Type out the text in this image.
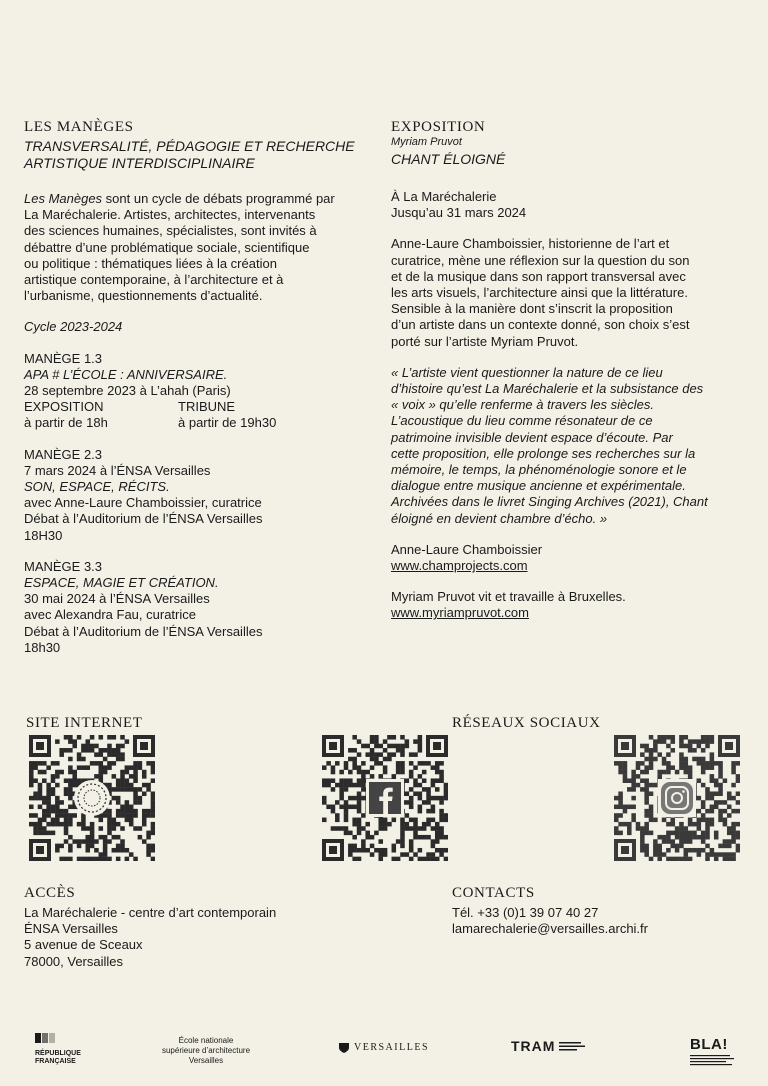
LES MANÈGES
TRANSVERSALITÉ, PÉDAGOGIE ET RECHERCHE
ARTISTIQUE INTERDISCIPLINAIRE

Les Manèges sont un cycle de débats programmé par

La Maréchalerie. Artistes, architectes, intervenants

des sciences humaines, spécialistes, sont invités à

débattre d’une problématique sociale, scientifique

ou politique : thématiques liées à la création

artistique contemporaine, à l’architecture et à

l’urbanisme, questionnements d’actualité.

Cycle 2023-2024

MANÈGE 1.3

APA # L’ÉCOLE : ANNIVERSAIRE.

28 septembre 2023 à L’ahah (Paris)

EXPOSITION

à partir de 18h

TRIBUNE

à partir de 19h30

MANÈGE 2.3

7 mars 2024 à l’ÉNSA Versailles

SON, ESPACE, RÉCITS.

avec Anne-Laure Chamboissier, curatrice

Débat à l’Auditorium de l’ÉNSA Versailles

18H30

MANÈGE 3.3

ESPACE, MAGIE ET CRÉATION.

30 mai 2024 à l’ÉNSA Versailles

avec Alexandra Fau, curatrice

Débat à l’Auditorium de l’ÉNSA Versailles

18h30

EXPOSITION
Myriam Pruvot
CHANT ÉLOIGNÉ

À La Maréchalerie

Jusqu’au 31 mars 2024

Anne-Laure Chamboissier, historienne de l’art et

curatrice, mène une réflexion sur la question du son

et de la musique dans son rapport transversal avec

les arts visuels, l’architecture ainsi que la littérature.

Sensible à la manière dont s’inscrit la proposition

d’un artiste dans un contexte donné, son choix s’est

porté sur l’artiste Myriam Pruvot.

« L’artiste vient questionner la nature de ce lieu

d’histoire qu’est La Maréchalerie et la subsistance des

« voix » qu’elle renferme à travers les siècles.

L’acoustique du lieu comme résonateur de ce

patrimoine invisible devient espace d’écoute. Par

cette proposition, elle prolonge ses recherches sur la

mémoire, le temps, la phénoménologie sonore et le

dialogue entre musique ancienne et expérimentale.

Archivées dans le livret Singing Archives (2021), Chant

éloigné en devient chambre d’écho. »

Anne-Laure Chamboissier

www.champrojects.com

Myriam Pruvot vit et travaille à Bruxelles.

www.myriampruvot.com

SITE INTERNET	RÉSEAUX SOCIAUX
ACCÈS

La Maréchalerie - centre d’art contemporain

ÉNSA Versailles

5 avenue de Sceaux

78000, Versailles

CONTACTS

Tél. +33 (0)1 39 07 40 27

lamarechalerie@versailles.archi.fr

RÉPUBLIQUE
FRANÇAISE
École nationale
supérieure d’architecture
Versailles
VERSAILLES	TRAM	BLA!
